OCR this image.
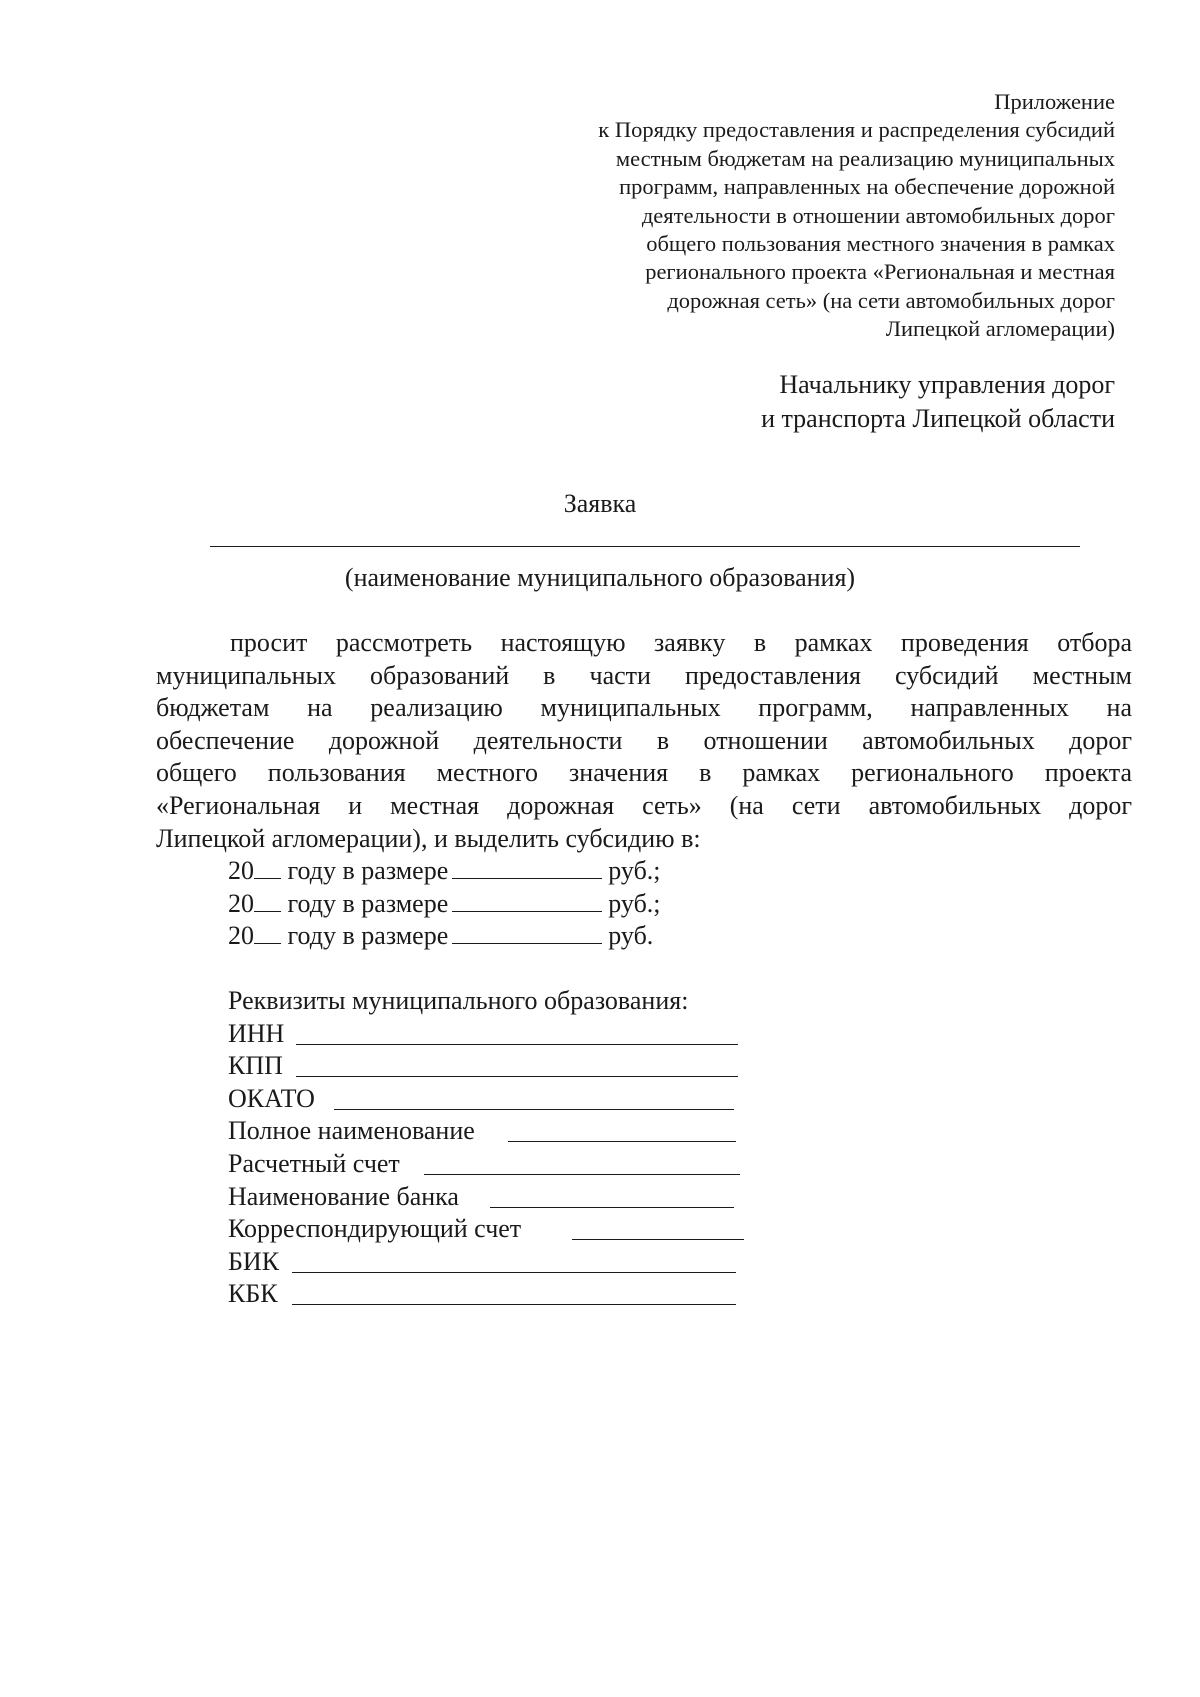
Приложение
к Порядку предоставления и распределения субсидий
местным бюджетам на реализацию муниципальных
программ, направленных на обеспечение дорожной
деятельности в отношении автомобильных дорог
общего пользования местного значения в рамках
регионального проекта «Региональная и местная
дорожная сеть» (на сети автомобильных дорог
Липецкой агломерации)
Начальнику управления дорог
и транспорта Липецкой области
Заявка
(наименование муниципального образования)
просит рассмотреть настоящую заявку в рамках проведения отбора
муниципальных образований в части предоставления субсидий местным
бюджетам на реализацию муниципальных программ, направленных на
обеспечение дорожной деятельности в отношении автомобильных дорог
общего пользования местного значения в рамках регионального проекта
«Региональная и местная дорожная сеть» (на сети автомобильных дорог
Липецкой агломерации), и выделить субсидию в:
20 году в размере	руб.;
20 году в размере	руб.;
20 году в размере	руб.
Реквизиты муниципального образования:
ИНН
КПП
ОКАТО
Полное наименование
Расчетный счет
Наименование банка
Корреспондирующий счет
БИК
КБК
